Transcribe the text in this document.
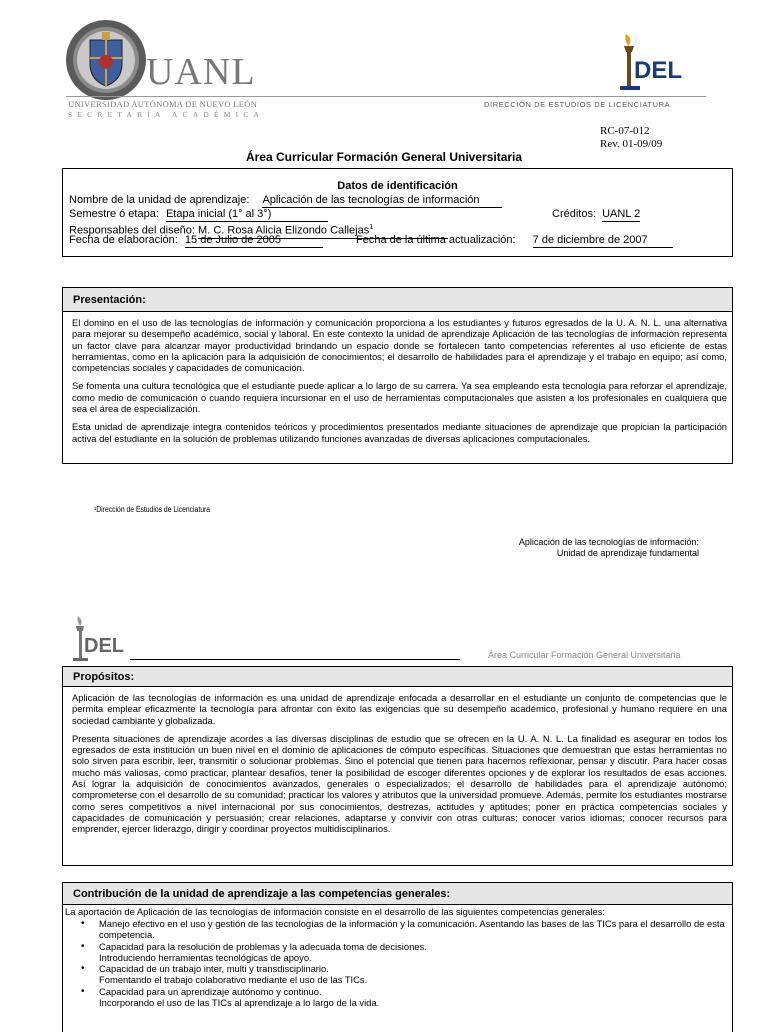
UANL
UNIVERSIDAD AUTÓNOMA DE NUEVO LEÓN
SECRETARÍA ACADÉMICA
DEL
DIRECCIÓN DE ESTUDIOS DE LICENCIATURA
RC-07-012
Rev. 01-09/09
Área Curricular Formación General Universitaria
Datos de identificación
Nombre de la unidad de aprendizaje: Aplicación de las tecnologías de información
Semestre ó etapa: Etapa inicial (1° al 3°)	Créditos: UANL 2
Responsables del diseño: M. C. Rosa Alicia Elizondo Callejas$^1$
Fecha de elaboración: 15 de Julio de 2005	Fecha de la última actualización: 7 de diciembre de 2007
Presentación:

El domino en el uso de las tecnologías de información y comunicación proporciona a los estudiantes y futuros egresados de la U. A. N. L. una alternativa para mejorar su desempeño académico, social y laboral. En este contexto la unidad de aprendizaje Aplicación de las tecnologías de información representa un factor clave para alcanzar mayor productividad brindando un espacio donde se fortalecen tanto competencias referentes al uso eficiente de estas herramientas, como en la aplicación para la adquisición de conocimientos; el desarrollo de habilidades para el aprendizaje y el trabajo en equipo; así como, competencias sociales y capacidades de comunicación.

Se fomenta una cultura tecnológica que el estudiante puede aplicar a lo largo de su carrera. Ya sea empleando esta tecnología para reforzar el aprendizaje, como medio de comunicación o cuando requiera incursionar en el uso de herramientas computacionales que asisten a los profesionales en cualquiera que sea el área de especialización.

Esta unidad de aprendizaje integra contenidos teóricos y procedimientos presentados mediante situaciones de aprendizaje que propician la participación activa del estudiante en la solución de problemas utilizando funciones avanzadas de diversas aplicaciones computacionales.

¹Dirección de Estudios de Licenciatura
Aplicación de las tecnologías de información:
Unidad de aprendizaje fundamental
DEL	Área Curricular Formación General Universitaria
Propósitos:

Aplicación de las tecnologías de información es una unidad de aprendizaje enfocada a desarrollar en el estudiante un conjunto de competencias que le permita emplear eficazmente la tecnología para afrontar con éxito las exigencias que su desempeño académico, profesional y humano requiere en una sociedad cambiante y globalizada.

Presenta situaciones de aprendizaje acordes a las diversas disciplinas de estudio que se ofrecen en la U. A. N. L. La finalidad es asegurar en todos los egresados de esta institución un buen nivel en el dominio de aplicaciones de cómputo específicas. Situaciones que demuestran que estas herramientas no solo sirven para escribir, leer, transmitir o solucionar problemas. Sino el potencial que tienen para hacernos reflexionar, pensar y discutir. Para hacer cosas mucho más valiosas, como practicar, plantear desafíos, tener la posibilidad de escoger diferentes opciones y de explorar los resultados de esas acciones. Así lograr la adquisición de conocimientos avanzados, generales o especializados; el desarrollo de habilidades para el aprendizaje autónomo; comprometerse con el desarrollo de su comunidad; practicar los valores y atributos que la universidad promueve. Además, permite los estudiantes mostrarse como seres competitivos a nivel internacional por sus conocimientos, destrezas, actitudes y aptitudes; poner en práctica competencias sociales y capacidades de comunicación y persuasión; crear relaciones, adaptarse y convivir con otras culturas; conocer varios idiomas; conocer recursos para emprender, ejercer liderazgo, dirigir y coordinar proyectos multidisciplinarios.

Contribución de la unidad de aprendizaje a las competencias generales:
La aportación de Aplicación de las tecnologías de información consiste en el desarrollo de las siguientes competencias generales:
• Manejo efectivo en el uso y gestión de las tecnologías de la información y la comunicación. Asentando las bases de las TICs para el desarrollo de esta competencia.
• Capacidad para la resolución de problemas y la adecuada toma de decisiones.
Introduciendo herramientas tecnológicas de apoyo.
• Capacidad de un trabajo inter, multi y transdisciplinario.
Fomentando el trabajo colaborativo mediante el uso de las TICs.
• Capacidad para un aprendizaje autónomo y continuo.
Incorporando el uso de las TICs al aprendizaje a lo largo de la vida.
